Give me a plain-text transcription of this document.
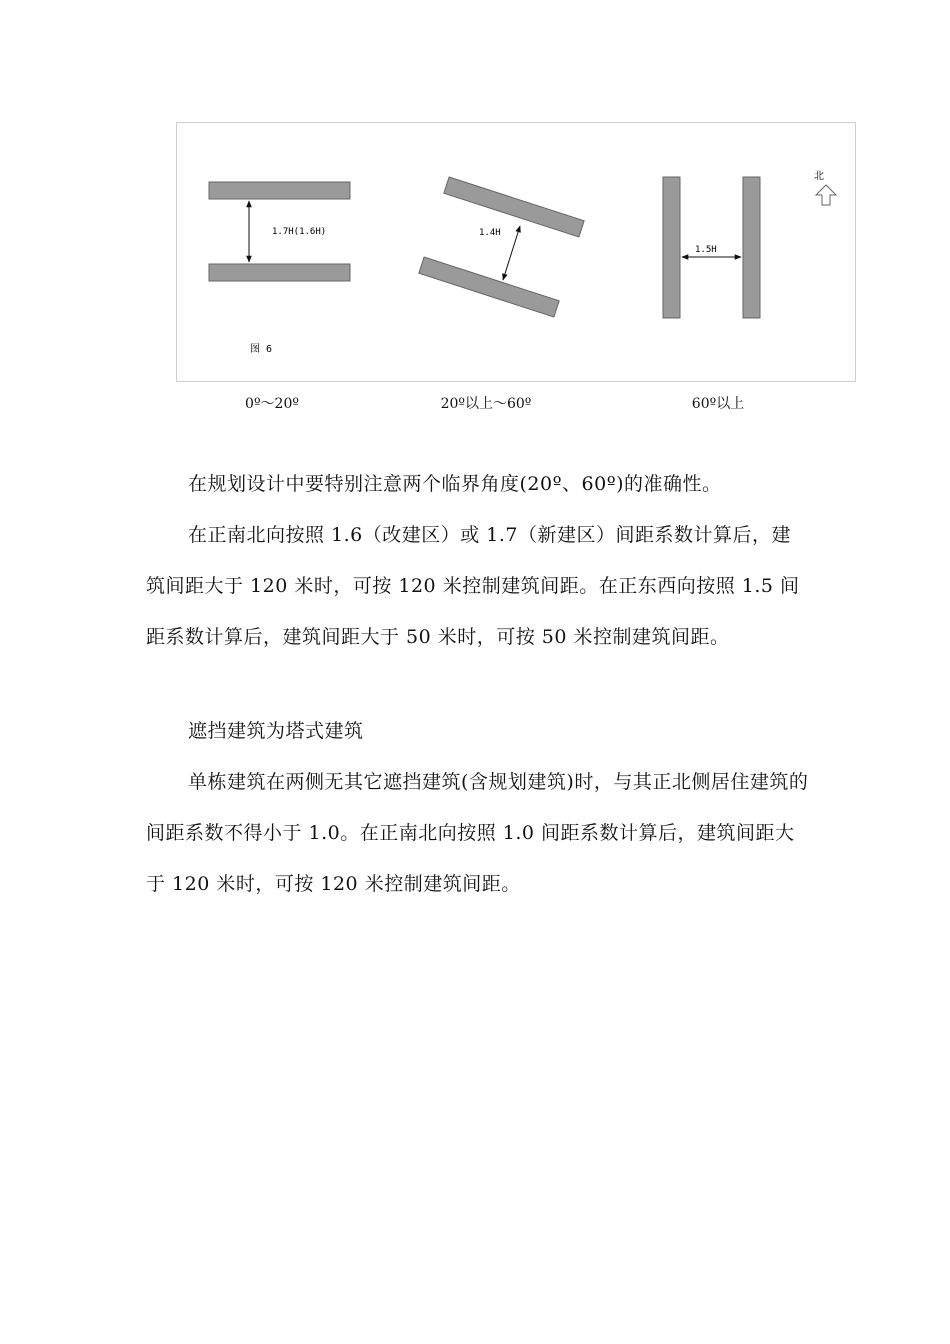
1.7H(1.6H)	1.4H
1.5H
北
图 6
0º～20º	20º以上～60º	60º以上

在规划设计中要特别注意两个临界角度(20º、60º)的准确性。

在正南北向按照 1.6（改建区）或 1.7（新建区）间距系数计算后，建筑间距大于 120 米时，可按 120 米控制建筑间距。在正东西向按照 1.5 间距系数计算后，建筑间距大于 50 米时，可按 50 米控制建筑间距。

遮挡建筑为塔式建筑

单栋建筑在两侧无其它遮挡建筑(含规划建筑)时，与其正北侧居住建筑的间距系数不得小于 1.0。在正南北向按照 1.0 间距系数计算后，建筑间距大于 120 米时，可按 120 米控制建筑间距。
